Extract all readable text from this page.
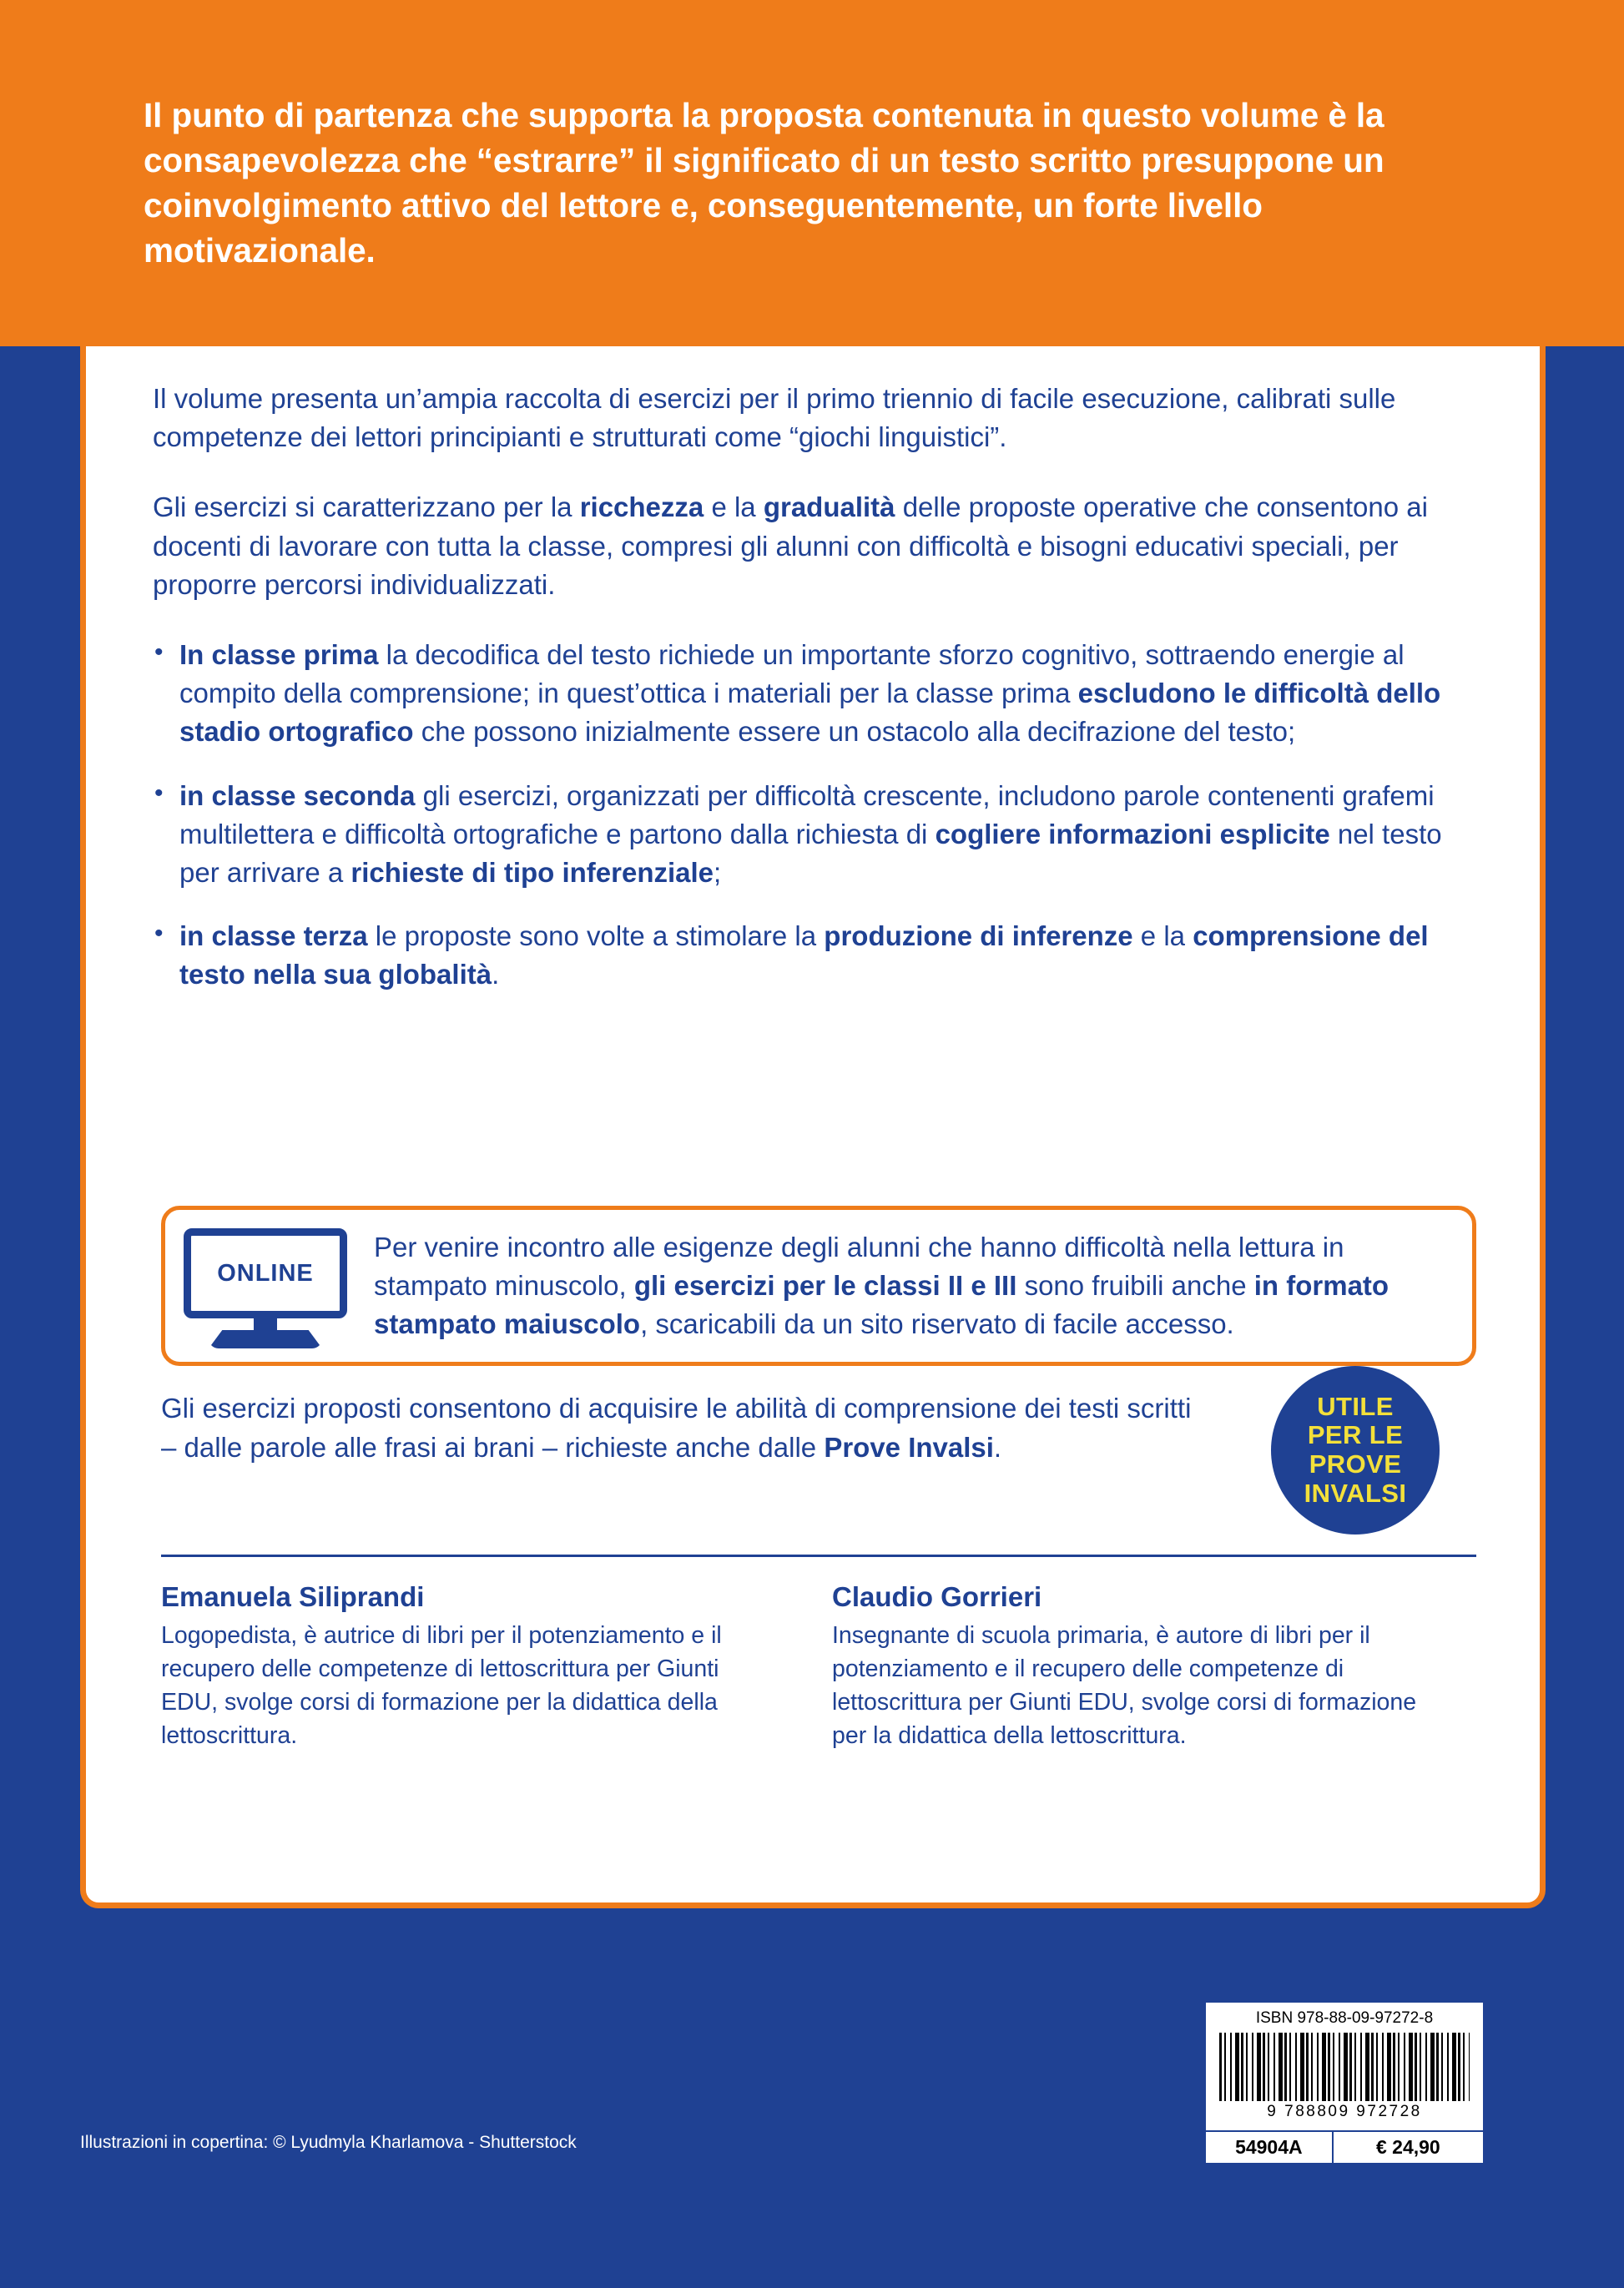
Il punto di partenza che supporta la proposta contenuta in questo volume è la consapevolezza che “estrarre” il significato di un testo scritto presuppone un coinvolgimento attivo del lettore e, conseguentemente, un forte livello motivazionale.

Il volume presenta un’ampia raccolta di esercizi per il primo triennio di facile esecuzione, calibrati sulle competenze dei lettori principianti e strutturati come “giochi linguistici”.

Gli esercizi si caratterizzano per la ricchezza e la gradualità delle proposte operative che consentono ai docenti di lavorare con tutta la classe, compresi gli alunni con difficoltà e bisogni educativi speciali, per proporre percorsi individualizzati.

• In classe prima la decodifica del testo richiede un importante sforzo cognitivo, sottraendo energie al compito della comprensione; in quest’ottica i materiali per la classe prima escludono le difficoltà dello stadio ortografico che possono inizialmente essere un ostacolo alla decifrazione del testo;
• in classe seconda gli esercizi, organizzati per difficoltà crescente, includono parole contenenti grafemi multilettera e difficoltà ortografiche e partono dalla richiesta di cogliere informazioni esplicite nel testo per arrivare a richieste di tipo inferenziale;
• in classe terza le proposte sono volte a stimolare la produzione di inferenze e la comprensione del testo nella sua globalità.
ONLINE
Per venire incontro alle esigenze degli alunni che hanno difficoltà nella lettura in stampato minuscolo, gli esercizi per le classi II e III sono fruibili anche in formato stampato maiuscolo, scaricabili da un sito riservato di facile accesso.
Gli esercizi proposti consentono di acquisire le abilità di comprensione dei testi scritti – dalle parole alle frasi ai brani – richieste anche dalle Prove Invalsi.
UTILE
PER LE
PROVE
INVALSI
Emanuela Siliprandi
Logopedista, è autrice di libri per il potenziamento e il recupero delle competenze di lettoscrittura per Giunti EDU, svolge corsi di formazione per la didattica della lettoscrittura.
Claudio Gorrieri
Insegnante di scuola primaria, è autore di libri per il potenziamento e il recupero delle competenze di lettoscrittura per Giunti EDU, svolge corsi di formazione per la didattica della lettoscrittura.
ISBN 978-88-09-97272-8
9 788809 972728
54904A	€ 24,90
Illustrazioni in copertina: © Lyudmyla Kharlamova - Shutterstock
